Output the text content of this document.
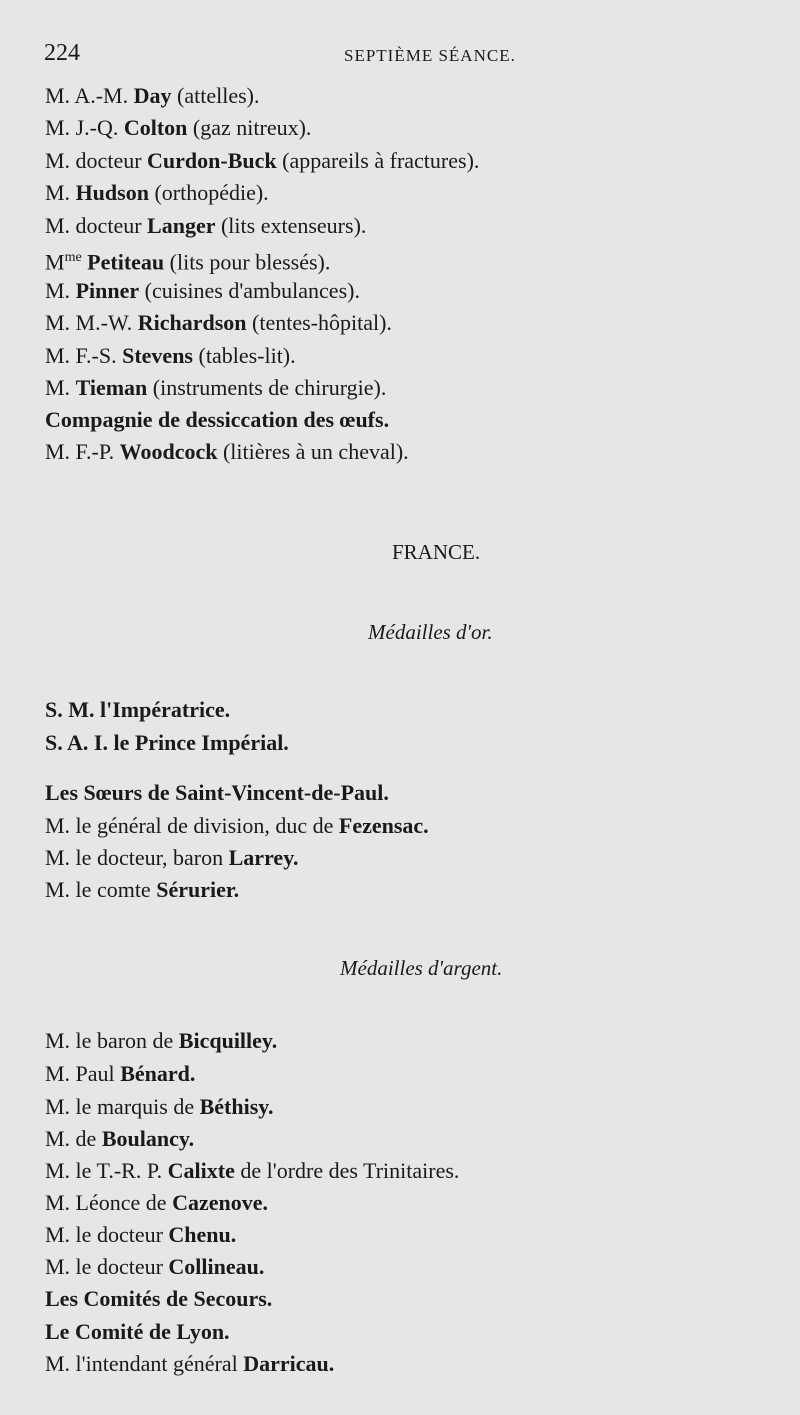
224	SEPTIÈME SÉANCE.
M. A.-M. Day (attelles).
M. J.-Q. Colton (gaz nitreux).
M. docteur Curdon-Buck (appareils à fractures).
M. Hudson (orthopédie).
M. docteur Langer (lits extenseurs).
$M^{me}$ Petiteau (lits pour blessés).
M. Pinner (cuisines d'ambulances).
M. M.-W. Richardson (tentes-hôpital).
M. F.-S. Stevens (tables-lit).
M. Tieman (instruments de chirurgie).
Compagnie de dessiccation des œufs.
M. F.-P. Woodcock (litières à un cheval).
FRANCE.
Médailles d'or.
S. M. l'Impératrice.
S. A. I. le Prince Impérial.
Les Sœurs de Saint-Vincent-de-Paul.
M. le général de division, duc de Fezensac.
M. le docteur, baron Larrey.
M. le comte Sérurier.
Médailles d'argent.
M. le baron de Bicquilley.
M. Paul Bénard.
M. le marquis de Béthisy.
M. de Boulancy.
M. le T.-R. P. Calixte de l'ordre des Trinitaires.
M. Léonce de Cazenove.
M. le docteur Chenu.
M. le docteur Collineau.
Les Comités de Secours.
Le Comité de Lyon.
M. l'intendant général Darricau.
